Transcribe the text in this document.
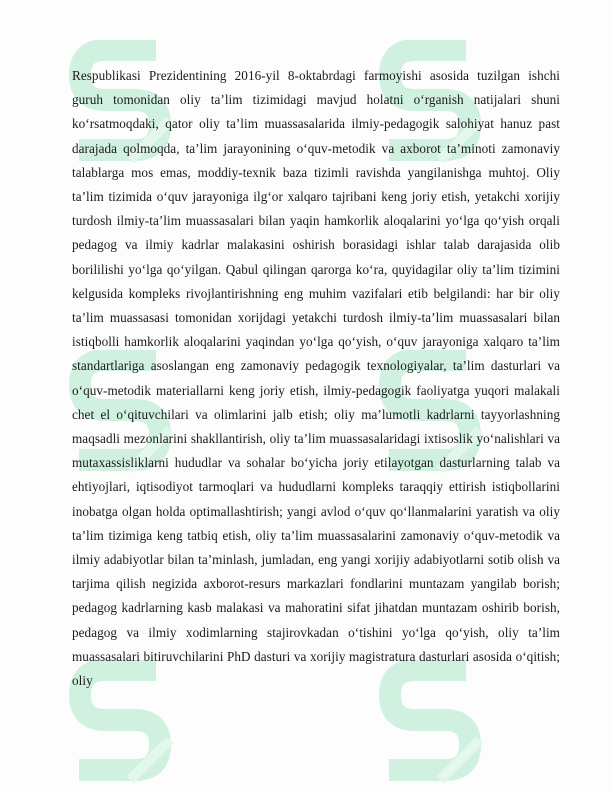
Respublikasi Prezidentining 2016-yil 8-oktabrdagi farmoyishi asosida tuzilgan ishchi guruh tomonidan oliy ta’lim tizimidagi mavjud holatni o‘rganish natijalari shuni ko‘rsatmoqdaki, qator oliy ta’lim muassasalarida ilmiy-pedagogik salohiyat hanuz past darajada qolmoqda, ta’lim jarayonining o‘quv-metodik va axborot ta’minoti zamonaviy talablarga mos emas, moddiy-texnik baza tizimli ravishda yangilanishga muhtoj. Oliy ta’lim tizimida o‘quv jarayoniga ilg‘or xalqaro tajribani keng joriy etish, yetakchi xorijiy turdosh ilmiy-ta’lim muassasalari bilan yaqin hamkorlik aloqalarini yo‘lga qo‘yish orqali pedagog va ilmiy kadrlar malakasini oshirish borasidagi ishlar talab darajasida olib borililishi yo‘lga qo‘yilgan. Qabul qilingan qarorga ko‘ra, quyidagilar oliy ta’lim tizimini kelgusida kompleks rivojlantirishning eng muhim vazifalari etib belgilandi: har bir oliy ta’lim muassasasi tomonidan xorijdagi yetakchi turdosh ilmiy-ta’lim muassasalari bilan istiqbolli hamkorlik aloqalarini yaqindan yo‘lga qo‘yish, o‘quv jarayoniga xalqaro ta’lim standartlariga asoslangan eng zamonaviy pedagogik texnologiyalar, ta’lim dasturlari va o‘quv-metodik materiallarni keng joriy etish, ilmiy-pedagogik faoliyatga yuqori malakali chet el o‘qituvchilari va olimlarini jalb etish; oliy ma’lumotli kadrlarni tayyorlashning maqsadli mezonlarini shakllantirish, oliy ta’lim muassasalaridagi ixtisoslik yo‘nalishlari va mutaxassisliklarni hududlar va sohalar bo‘yicha joriy etilayotgan dasturlarning talab va ehtiyojlari, iqtisodiyot tarmoqlari va hududlarni kompleks taraqqiy ettirish istiqbollarini inobatga olgan holda optimallashtirish; yangi avlod o‘quv qo‘llanmalarini yaratish va oliy ta’lim tizimiga keng tatbiq etish, oliy ta’lim muassasalarini zamonaviy o‘quv-metodik va ilmiy adabiyotlar bilan ta’minlash, jumladan, eng yangi xorijiy adabiyotlarni sotib olish va tarjima qilish negizida axborot-resurs markazlari fondlarini muntazam yangilab borish; pedagog kadrlarning kasb malakasi va mahoratini sifat jihatdan muntazam oshirib borish, pedagog va ilmiy xodimlarning stajirovkadan o‘tishini yo‘lga qo‘yish, oliy ta’lim muassasalari bitiruvchilarini PhD dasturi va xorijiy magistratura dasturlari asosida o‘qitish; oliy
